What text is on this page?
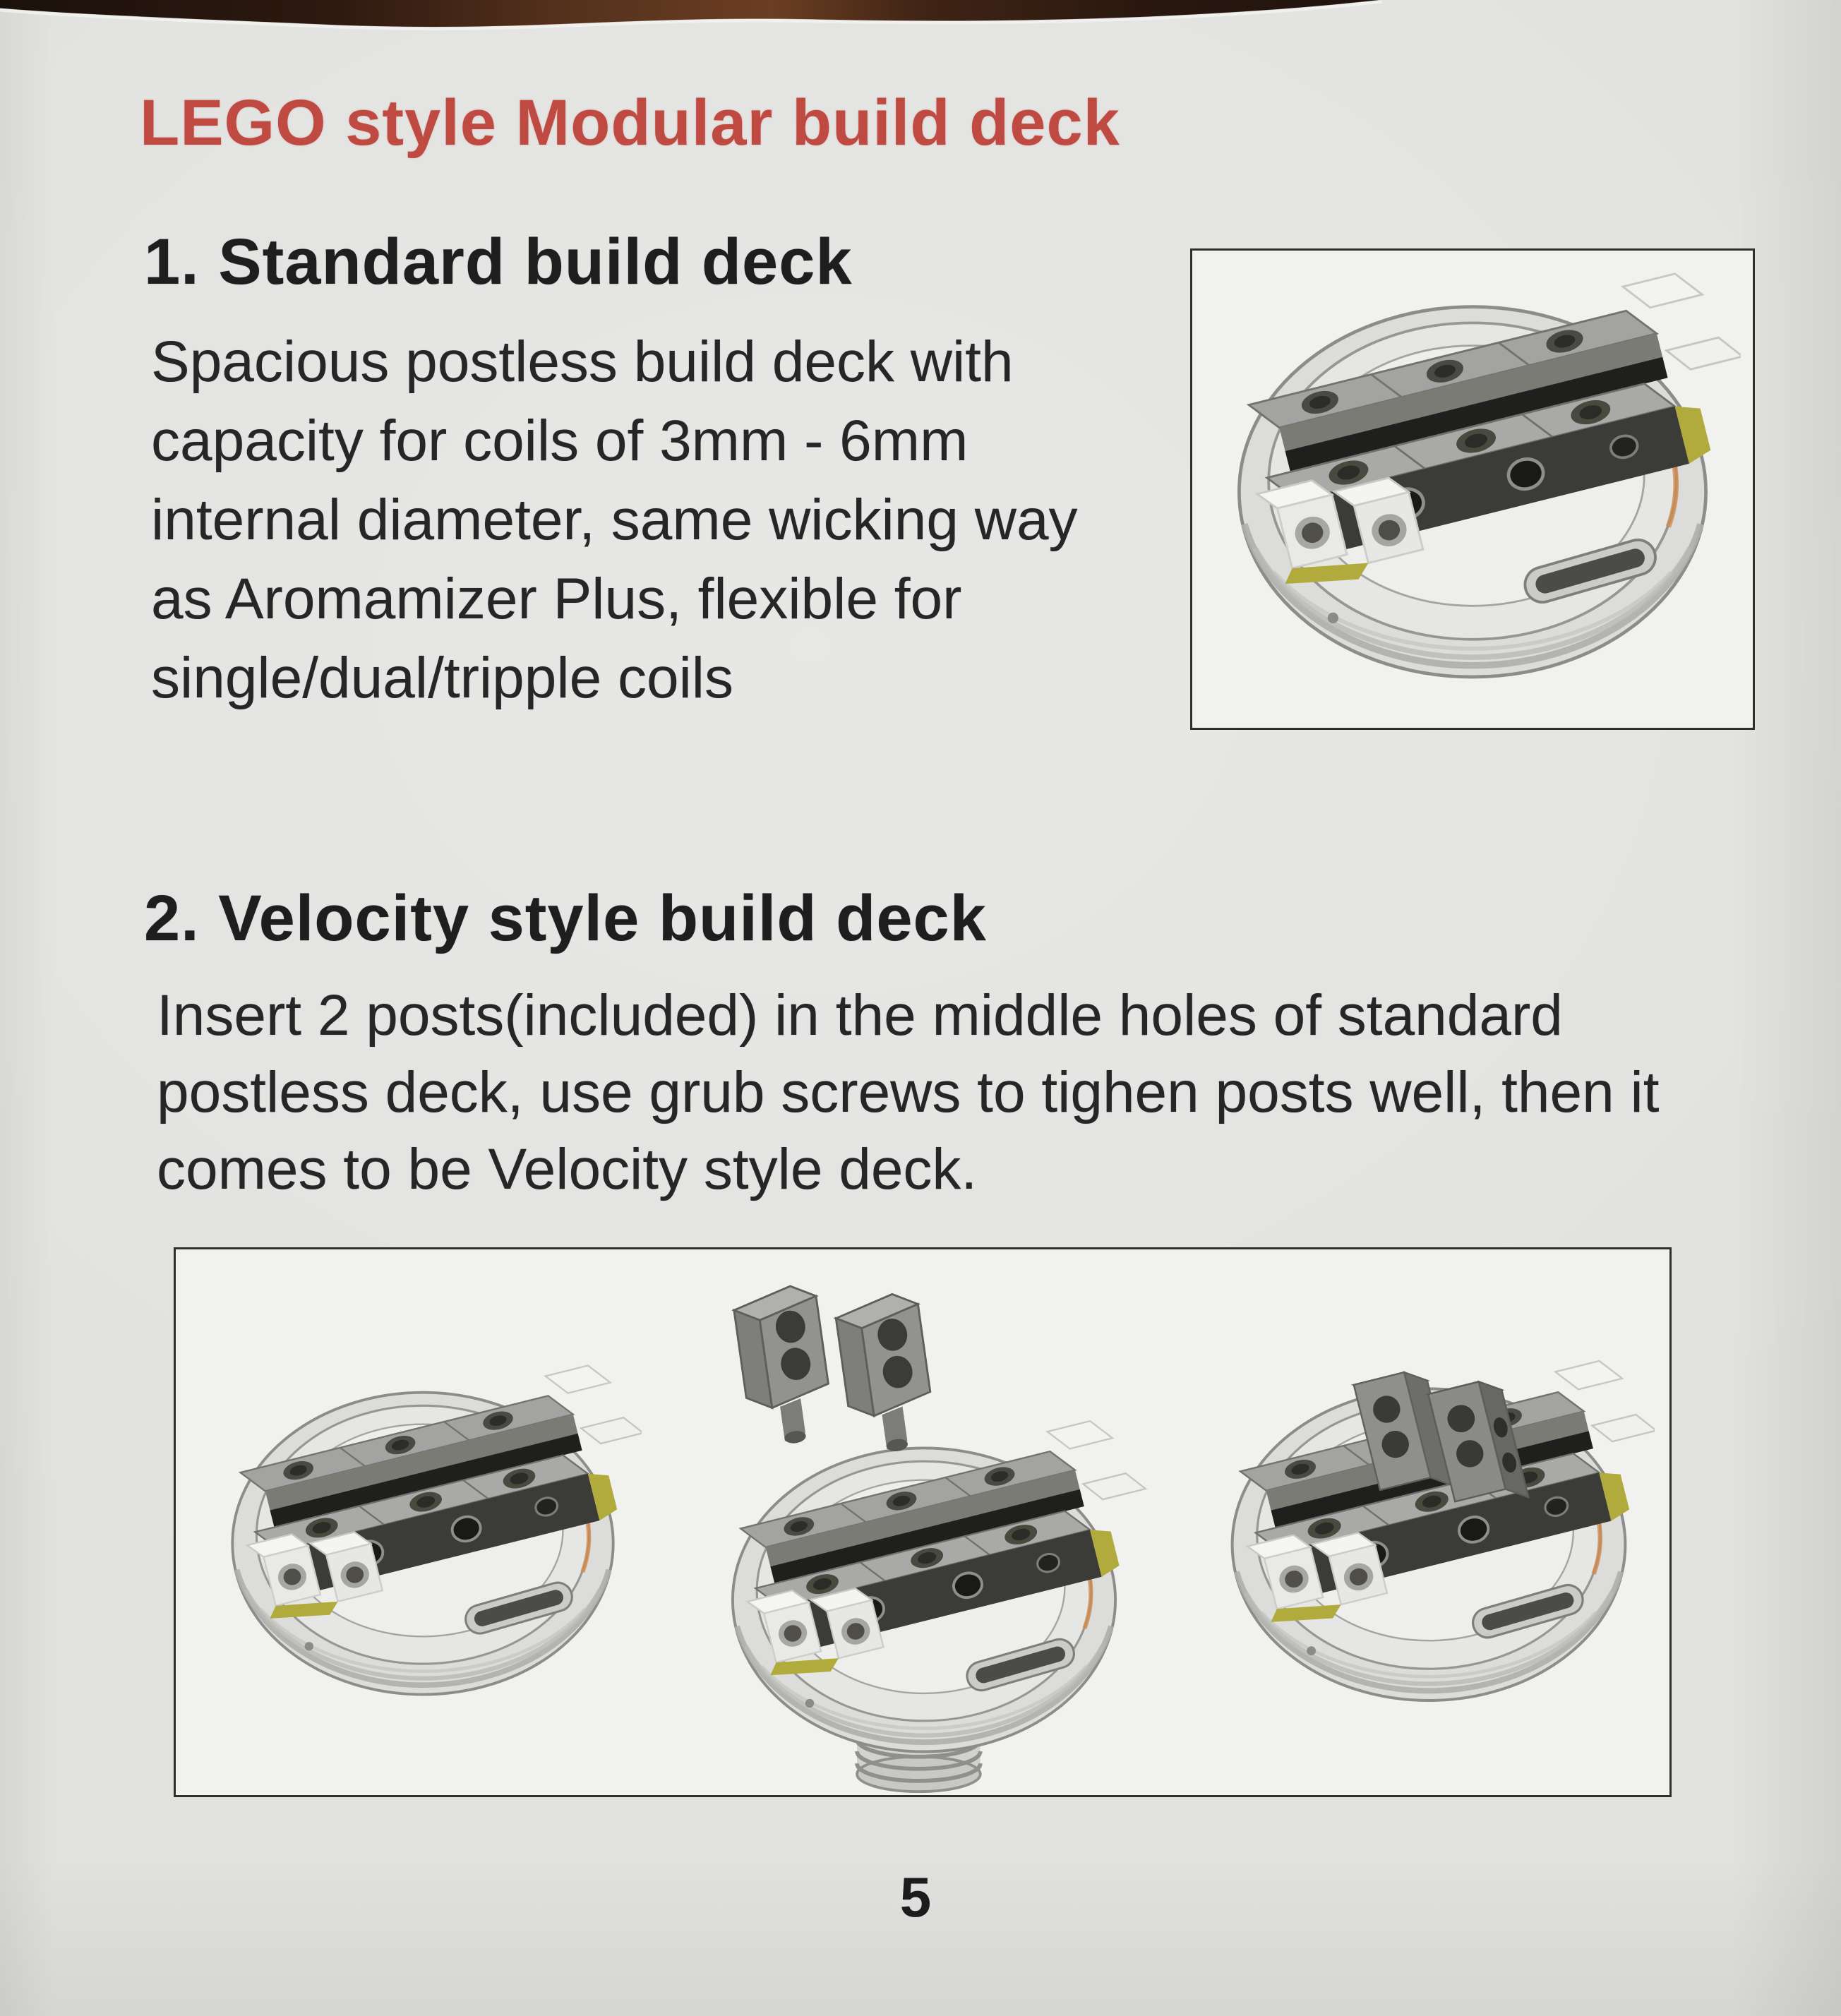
LEGO style Modular build deck
1. Standard build deck
Spacious postless build deck with
capacity for coils of 3mm - 6mm
internal diameter, same wicking way
as Aromamizer Plus, flexible for
single/dual/tripple coils
2. Velocity style build deck
Insert 2 posts(included) in the middle holes of standard
postless deck, use grub screws to tighen posts well, then it
comes to be Velocity style deck.
5
